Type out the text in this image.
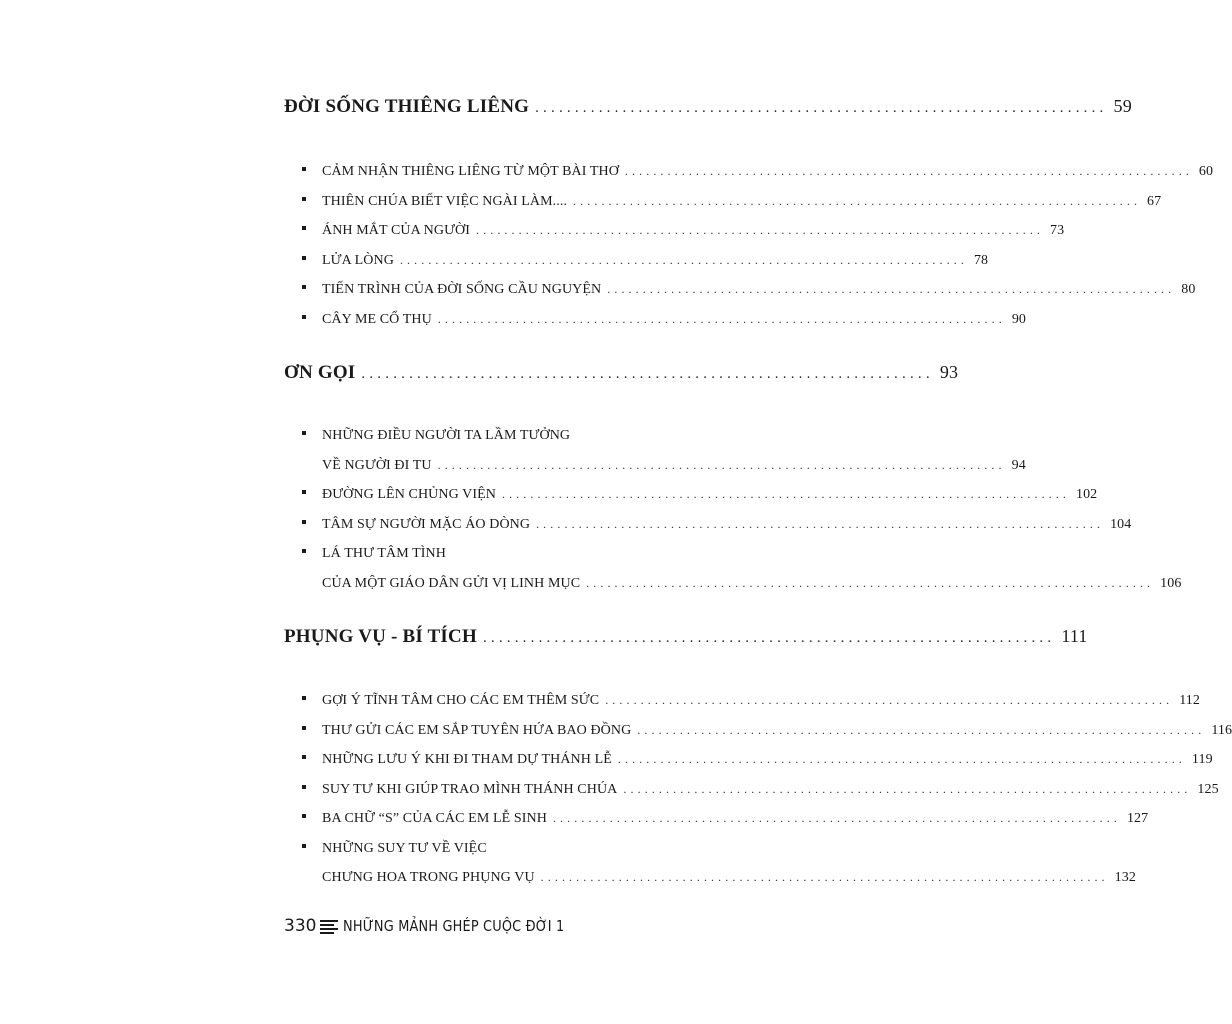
ĐỜI SỐNG THIÊNG LIÊNG ........................................................................ 59
CẢM NHẬN THIÊNG LIÊNG TỪ MỘT BÀI THƠ ................................................................................ 60
THIÊN CHÚA BIẾT VIỆC NGÀI LÀM.... ................................................................................ 67
ÁNH MẮT CỦA NGƯỜI ................................................................................ 73
LỬA LÒNG ................................................................................ 78
TIẾN TRÌNH CỦA ĐỜI SỐNG CẦU NGUYỆN ................................................................................ 80
CÂY ME CỔ THỤ ................................................................................ 90
ƠN GỌI ........................................................................ 93
NHỮNG ĐIỀU NGƯỜI TA LẦM TƯỞNG
VỀ NGƯỜI ĐI TU ................................................................................ 94
ĐƯỜNG LÊN CHỦNG VIỆN ................................................................................ 102
TÂM SỰ NGƯỜI MẶC ÁO DÒNG ................................................................................ 104
LÁ THƯ TÂM TÌNH
CỦA MỘT GIÁO DÂN GỬI VỊ LINH MỤC ................................................................................ 106
PHỤNG VỤ - BÍ TÍCH ........................................................................ 111
GỢI Ý TĨNH TÂM CHO CÁC EM THÊM SỨC ................................................................................ 112
THƯ GỬI CÁC EM SẮP TUYÊN HỨA BAO ĐỒNG ................................................................................ 116
NHỮNG LƯU Ý KHI ĐI THAM DỰ THÁNH LỄ ................................................................................ 119
SUY TƯ KHI GIÚP TRAO MÌNH THÁNH CHÚA ................................................................................ 125
BA CHỮ “S” CỦA CÁC EM LỄ SINH ................................................................................ 127
NHỮNG SUY TƯ VỀ VIỆC
CHƯNG HOA TRONG PHỤNG VỤ ................................................................................ 132
330 NHỮNG MẢNH GHÉP CUỘC ĐỜI 1
